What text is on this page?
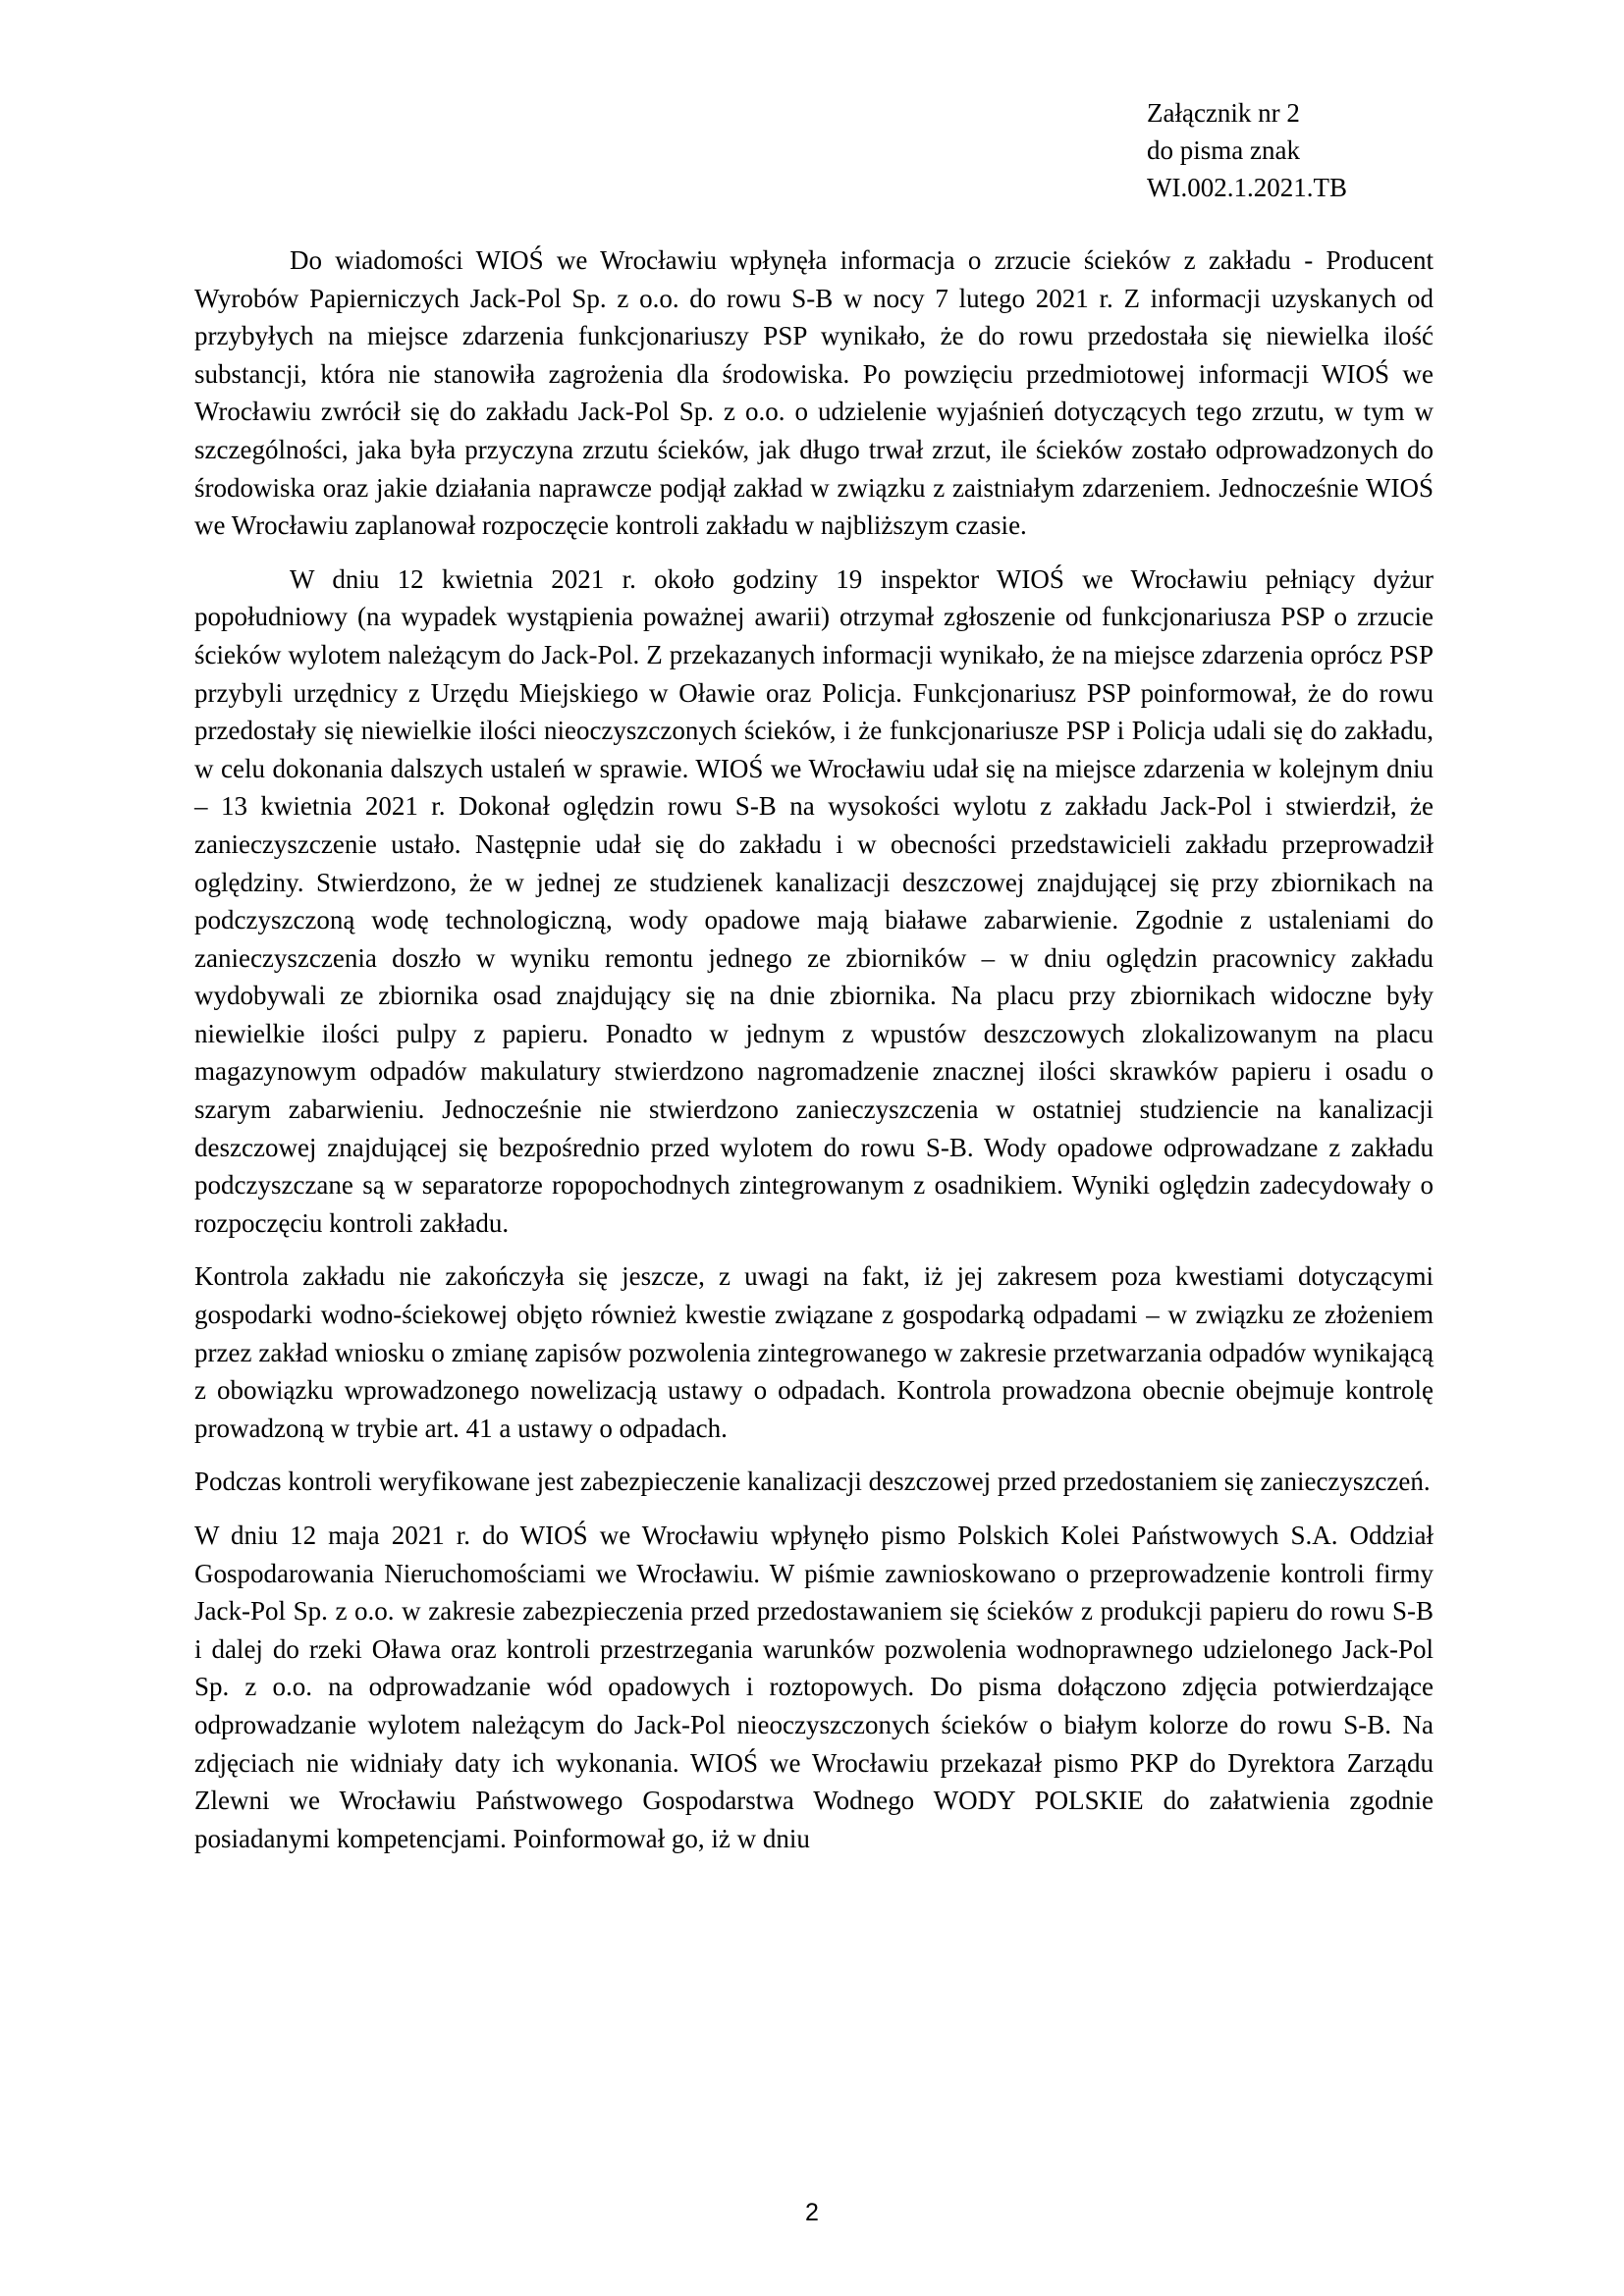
Załącznik nr 2
do pisma znak
WI.002.1.2021.TB

Do wiadomości WIOŚ we Wrocławiu wpłynęła informacja o zrzucie ścieków z zakładu - Producent Wyrobów Papierniczych Jack-Pol Sp. z o.o. do rowu S-B w nocy 7 lutego 2021 r. Z informacji uzyskanych od przybyłych na miejsce zdarzenia funkcjonariuszy PSP wynikało, że do rowu przedostała się niewielka ilość substancji, która nie stanowiła zagrożenia dla środowiska. Po powzięciu przedmiotowej informacji WIOŚ we Wrocławiu zwrócił się do zakładu Jack-Pol Sp. z o.o. o udzielenie wyjaśnień dotyczących tego zrzutu, w tym w szczególności, jaka była przyczyna zrzutu ścieków, jak długo trwał zrzut, ile ścieków zostało odprowadzonych do środowiska oraz jakie działania naprawcze podjął zakład w związku z zaistniałym zdarzeniem. Jednocześnie WIOŚ we Wrocławiu zaplanował rozpoczęcie kontroli zakładu w najbliższym czasie.

W dniu 12 kwietnia 2021 r. około godziny 19 inspektor WIOŚ we Wrocławiu pełniący dyżur popołudniowy (na wypadek wystąpienia poważnej awarii) otrzymał zgłoszenie od funkcjonariusza PSP o zrzucie ścieków wylotem należącym do Jack-Pol. Z przekazanych informacji wynikało, że na miejsce zdarzenia oprócz PSP przybyli urzędnicy z Urzędu Miejskiego w Oławie oraz Policja. Funkcjonariusz PSP poinformował, że do rowu przedostały się niewielkie ilości nieoczyszczonych ścieków, i że funkcjonariusze PSP i Policja udali się do zakładu, w celu dokonania dalszych ustaleń w sprawie. WIOŚ we Wrocławiu udał się na miejsce zdarzenia w kolejnym dniu – 13 kwietnia 2021 r. Dokonał oględzin rowu S-B na wysokości wylotu z zakładu Jack-Pol i stwierdził, że zanieczyszczenie ustało. Następnie udał się do zakładu i w obecności przedstawicieli zakładu przeprowadził oględziny. Stwierdzono, że w jednej ze studzienek kanalizacji deszczowej znajdującej się przy zbiornikach na podczyszczoną wodę technologiczną, wody opadowe mają białawe zabarwienie. Zgodnie z ustaleniami do zanieczyszczenia doszło w wyniku remontu jednego ze zbiorników – w dniu oględzin pracownicy zakładu wydobywali ze zbiornika osad znajdujący się na dnie zbiornika. Na placu przy zbiornikach widoczne były niewielkie ilości pulpy z papieru. Ponadto w jednym z wpustów deszczowych zlokalizowanym na placu magazynowym odpadów makulatury stwierdzono nagromadzenie znacznej ilości skrawków papieru i osadu o szarym zabarwieniu. Jednocześnie nie stwierdzono zanieczyszczenia w ostatniej studziencie na kanalizacji deszczowej znajdującej się bezpośrednio przed wylotem do rowu S-B. Wody opadowe odprowadzane z zakładu podczyszczane są w separatorze ropopochodnych zintegrowanym z osadnikiem. Wyniki oględzin zadecydowały o rozpoczęciu kontroli zakładu.

Kontrola zakładu nie zakończyła się jeszcze, z uwagi na fakt, iż jej zakresem poza kwestiami dotyczącymi gospodarki wodno-ściekowej objęto również kwestie związane z gospodarką odpadami – w związku ze złożeniem przez zakład wniosku o zmianę zapisów pozwolenia zintegrowanego w zakresie przetwarzania odpadów wynikającą z obowiązku wprowadzonego nowelizacją ustawy o odpadach. Kontrola prowadzona obecnie obejmuje kontrolę prowadzoną w trybie art. 41 a ustawy o odpadach.

Podczas kontroli weryfikowane jest zabezpieczenie kanalizacji deszczowej przed przedostaniem się zanieczyszczeń.

W dniu 12 maja 2021 r. do WIOŚ we Wrocławiu wpłynęło pismo Polskich Kolei Państwowych S.A. Oddział Gospodarowania Nieruchomościami we Wrocławiu. W piśmie zawnioskowano o przeprowadzenie kontroli firmy Jack-Pol Sp. z o.o. w zakresie zabezpieczenia przed przedostawaniem się ścieków z produkcji papieru do rowu S-B i dalej do rzeki Oława oraz kontroli przestrzegania warunków pozwolenia wodnoprawnego udzielonego Jack-Pol Sp. z o.o. na odprowadzanie wód opadowych i roztopowych. Do pisma dołączono zdjęcia potwierdzające odprowadzanie wylotem należącym do Jack-Pol nieoczyszczonych ścieków o białym kolorze do rowu S-B. Na zdjęciach nie widniały daty ich wykonania. WIOŚ we Wrocławiu przekazał pismo PKP do Dyrektora Zarządu Zlewni we Wrocławiu Państwowego Gospodarstwa Wodnego WODY POLSKIE do załatwienia zgodnie posiadanymi kompetencjami. Poinformował go, iż w dniu

2
